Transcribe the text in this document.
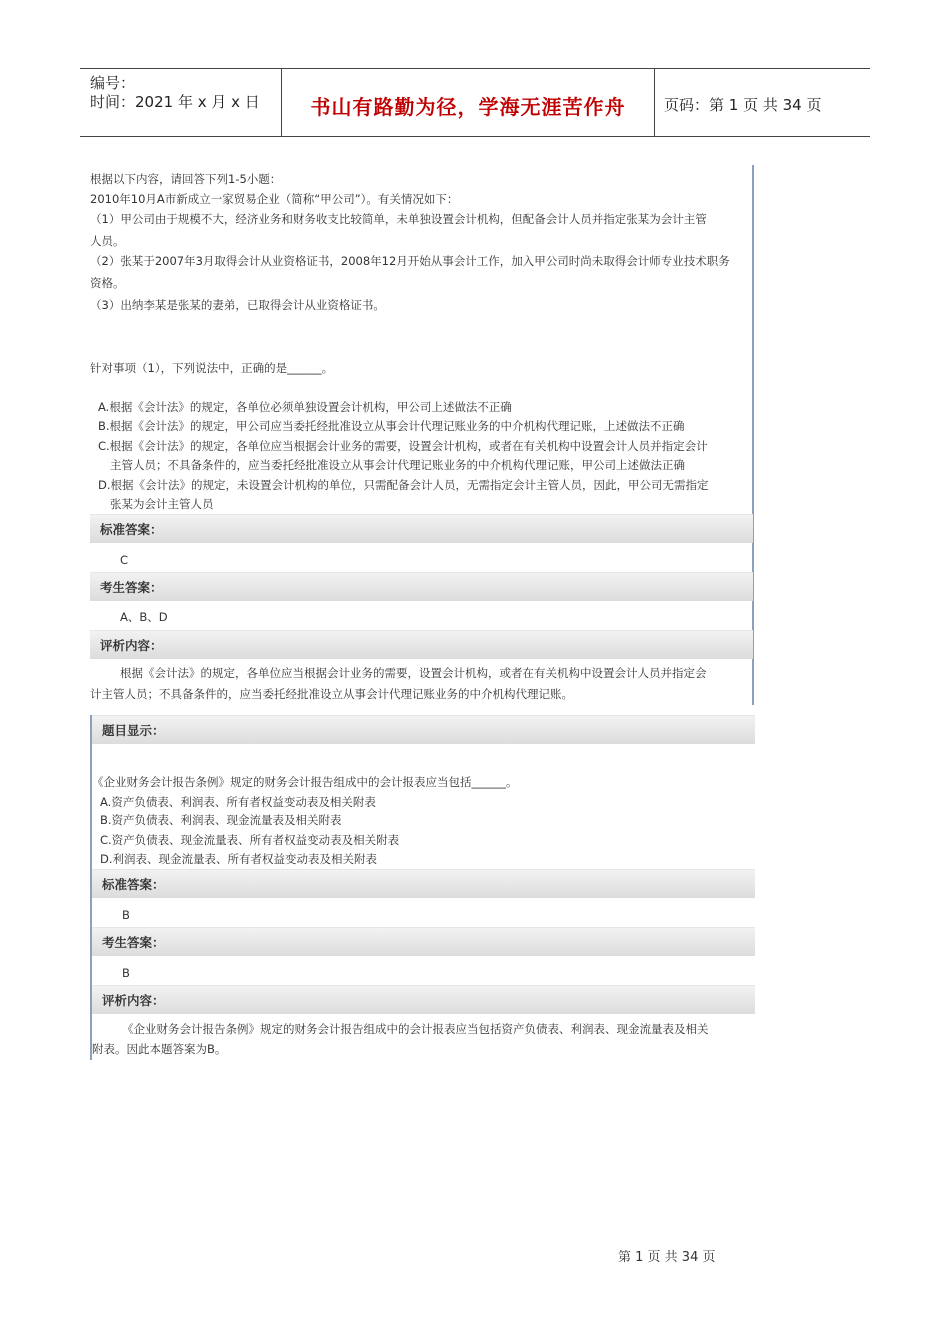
编号：
时间：2021 年 x 月 x 日	书山有路勤为径，学海无涯苦作舟	页码：第 1 页 共 34 页
根据以下内容，请回答下列1-5小题：
2010年10月A市新成立一家贸易企业（简称“甲公司”）。有关情况如下：
（1）甲公司由于规模不大，经济业务和财务收支比较简单，未单独设置会计机构，但配备会计人员并指定张某为会计主管
人员。
（2）张某于2007年3月取得会计从业资格证书，2008年12月开始从事会计工作，加入甲公司时尚未取得会计师专业技术职务
资格。
（3）出纳李某是张某的妻弟，已取得会计从业资格证书。
针对事项（1），下列说法中，正确的是______。
A.根据《会计法》的规定，各单位必须单独设置会计机构，甲公司上述做法不正确
B.根据《会计法》的规定，甲公司应当委托经批准设立从事会计代理记账业务的中介机构代理记账，上述做法不正确
C.根据《会计法》的规定，各单位应当根据会计业务的需要，设置会计机构，或者在有关机构中设置会计人员并指定会计
主管人员；不具备条件的，应当委托经批准设立从事会计代理记账业务的中介机构代理记账，甲公司上述做法正确
D.根据《会计法》的规定，未设置会计机构的单位，只需配备会计人员，无需指定会计主管人员，因此，甲公司无需指定
张某为会计主管人员
标准答案：
C
考生答案：
A、B、D
评析内容：
根据《会计法》的规定，各单位应当根据会计业务的需要，设置会计机构，或者在有关机构中设置会计人员并指定会
计主管人员；不具备条件的，应当委托经批准设立从事会计代理记账业务的中介机构代理记账。
题目显示：
《企业财务会计报告条例》规定的财务会计报告组成中的会计报表应当包括______。
A.资产负债表、利润表、所有者权益变动表及相关附表
B.资产负债表、利润表、现金流量表及相关附表
C.资产负债表、现金流量表、所有者权益变动表及相关附表
D.利润表、现金流量表、所有者权益变动表及相关附表
标准答案：
B
考生答案：
B
评析内容：
《企业财务会计报告条例》规定的财务会计报告组成中的会计报表应当包括资产负债表、利润表、现金流量表及相关
附表。因此本题答案为B。
第 1 页 共 34 页
